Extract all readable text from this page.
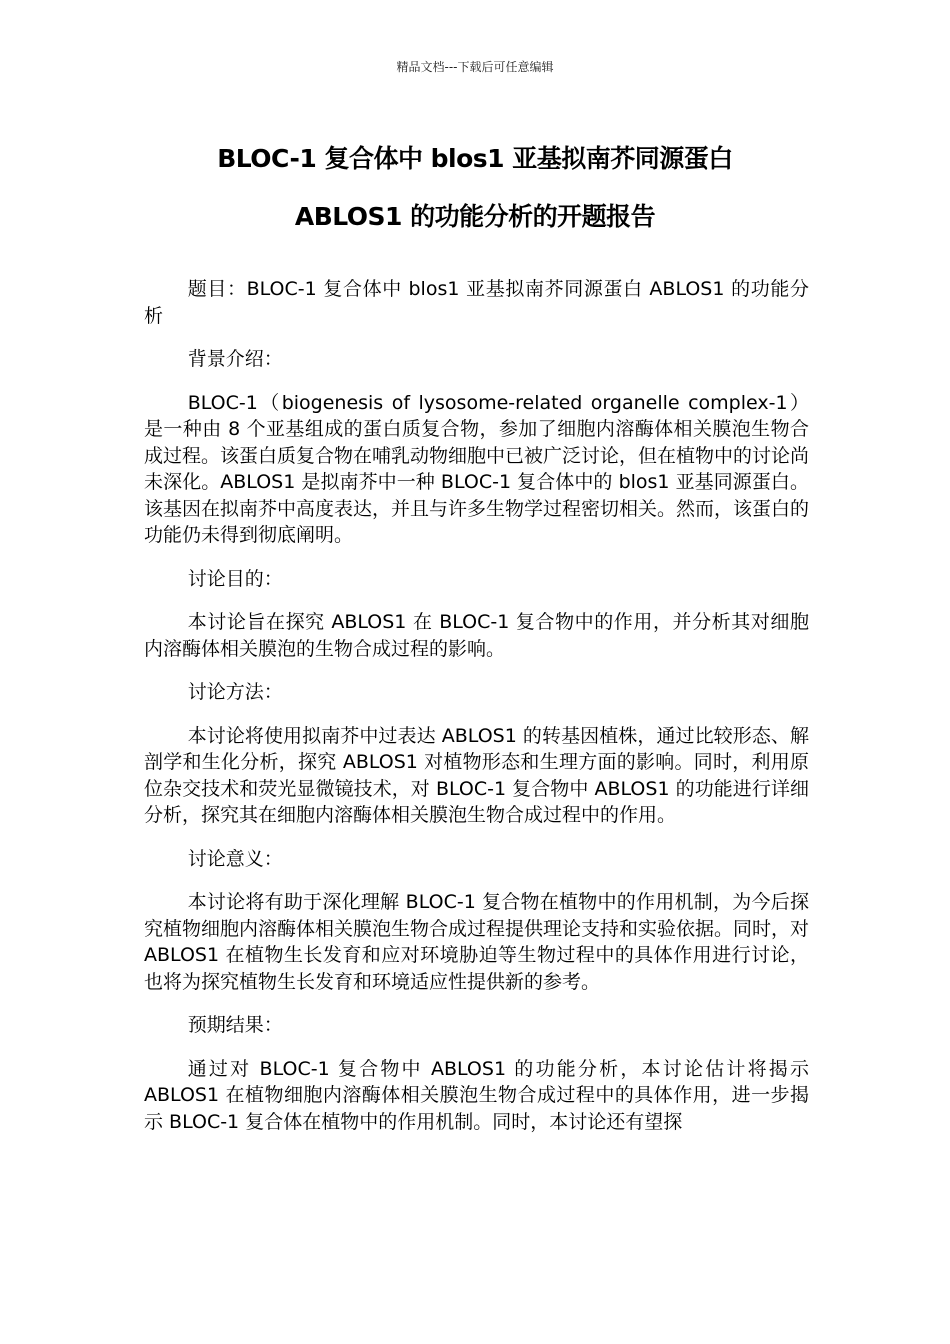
精品文档---下载后可任意编辑
BLOC-1 复合体中 blos1 亚基拟南芥同源蛋白
ABLOS1 的功能分析的开题报告

题目：BLOC-1 复合体中 blos1 亚基拟南芥同源蛋白 ABLOS1 的功能分析

背景介绍：

BLOC-1（biogenesis of lysosome-related organelle complex-1）是一种由 8 个亚基组成的蛋白质复合物，参加了细胞内溶酶体相关膜泡生物合成过程。该蛋白质复合物在哺乳动物细胞中已被广泛讨论，但在植物中的讨论尚未深化。ABLOS1 是拟南芥中一种 BLOC-1 复合体中的 blos1 亚基同源蛋白。该基因在拟南芥中高度表达，并且与许多生物学过程密切相关。然而，该蛋白的功能仍未得到彻底阐明。

讨论目的：

本讨论旨在探究 ABLOS1 在 BLOC-1 复合物中的作用，并分析其对细胞内溶酶体相关膜泡的生物合成过程的影响。

讨论方法：

本讨论将使用拟南芥中过表达 ABLOS1 的转基因植株，通过比较形态、解剖学和生化分析，探究 ABLOS1 对植物形态和生理方面的影响。同时，利用原位杂交技术和荧光显微镜技术，对 BLOC-1 复合物中 ABLOS1 的功能进行详细分析，探究其在细胞内溶酶体相关膜泡生物合成过程中的作用。

讨论意义：

本讨论将有助于深化理解 BLOC-1 复合物在植物中的作用机制，为今后探究植物细胞内溶酶体相关膜泡生物合成过程提供理论支持和实验依据。同时，对 ABLOS1 在植物生长发育和应对环境胁迫等生物过程中的具体作用进行讨论，也将为探究植物生长发育和环境适应性提供新的参考。

预期结果：

通过对 BLOC-1 复合物中 ABLOS1 的功能分析，本讨论估计将揭示 ABLOS1 在植物细胞内溶酶体相关膜泡生物合成过程中的具体作用，进一步揭示 BLOC-1 复合体在植物中的作用机制。同时，本讨论还有望探
